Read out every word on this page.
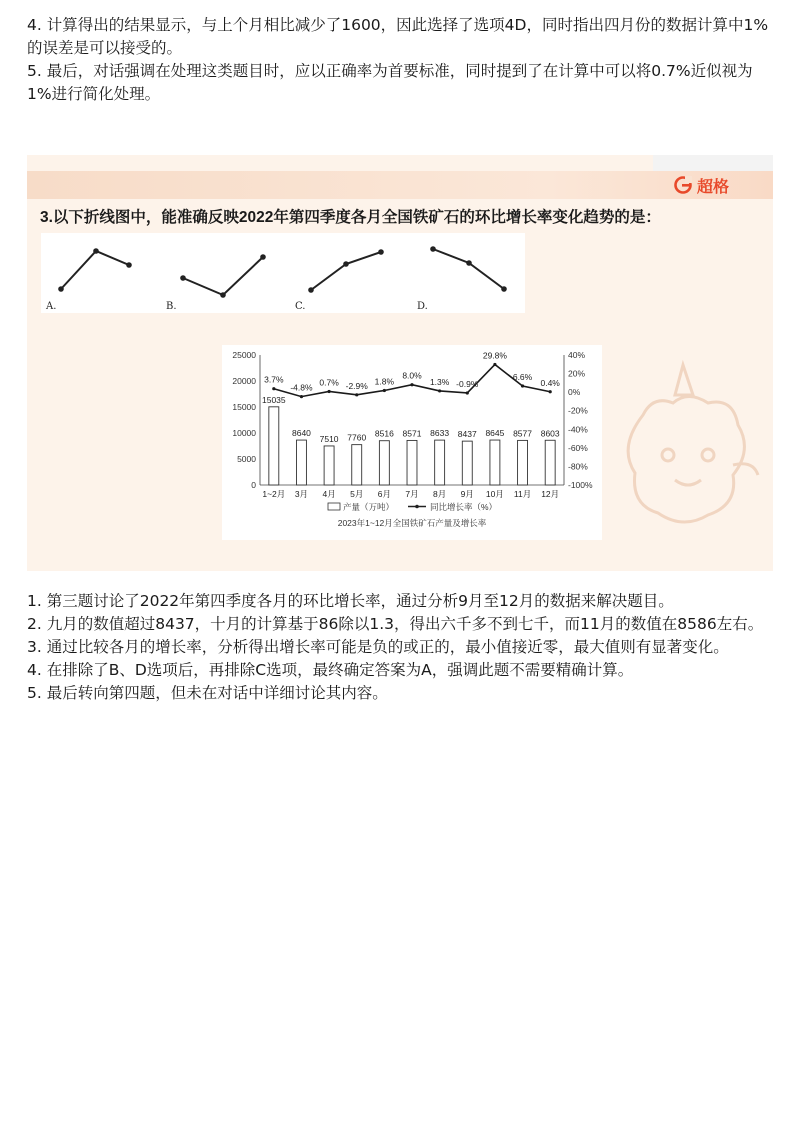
4. 计算得出的结果显示，与上个月相比减少了1600，因此选择了选项4D，同时指出四月份的数据计算中1%的误差是可以接受的。

5. 最后，对话强调在处理这类题目时，应以正确率为首要标准，同时提到了在计算中可以将0.7%近似视为1%进行简化处理。

超格
3.以下折线图中，能准确反映2022年第四季度各月全国铁矿石的环比增长率变化趋势的是：
A.	B.	C.	D.
0
5000
10000
15000
20000
25000
-100%
-80%
-60%
-40%
-20%
0%
20%
40%
15035
1~2月
8640
3月
7510
4月
7760
5月
8516
6月
8571
7月
8633
8月
8437
9月
8645
10月
8577
11月
8603
12月
3.7%
-4.8%
0.7% -2.9% 1.8%
8.0%
1.3% -0.9%
29.8%
6.6%
0.4%
产量（万吨）	同比增长率（%）
2023年1~12月全国铁矿石产量及增长率

1. 第三题讨论了2022年第四季度各月的环比增长率，通过分析9月至12月的数据来解决题目。

2. 九月的数值超过8437，十月的计算基于86除以1.3，得出六千多不到七千，而11月的数值在8586左右。

3. 通过比较各月的增长率，分析得出增长率可能是负的或正的，最小值接近零，最大值则有显著变化。

4. 在排除了B、D选项后，再排除C选项，最终确定答案为A，强调此题不需要精确计算。

5. 最后转向第四题，但未在对话中详细讨论其内容。
